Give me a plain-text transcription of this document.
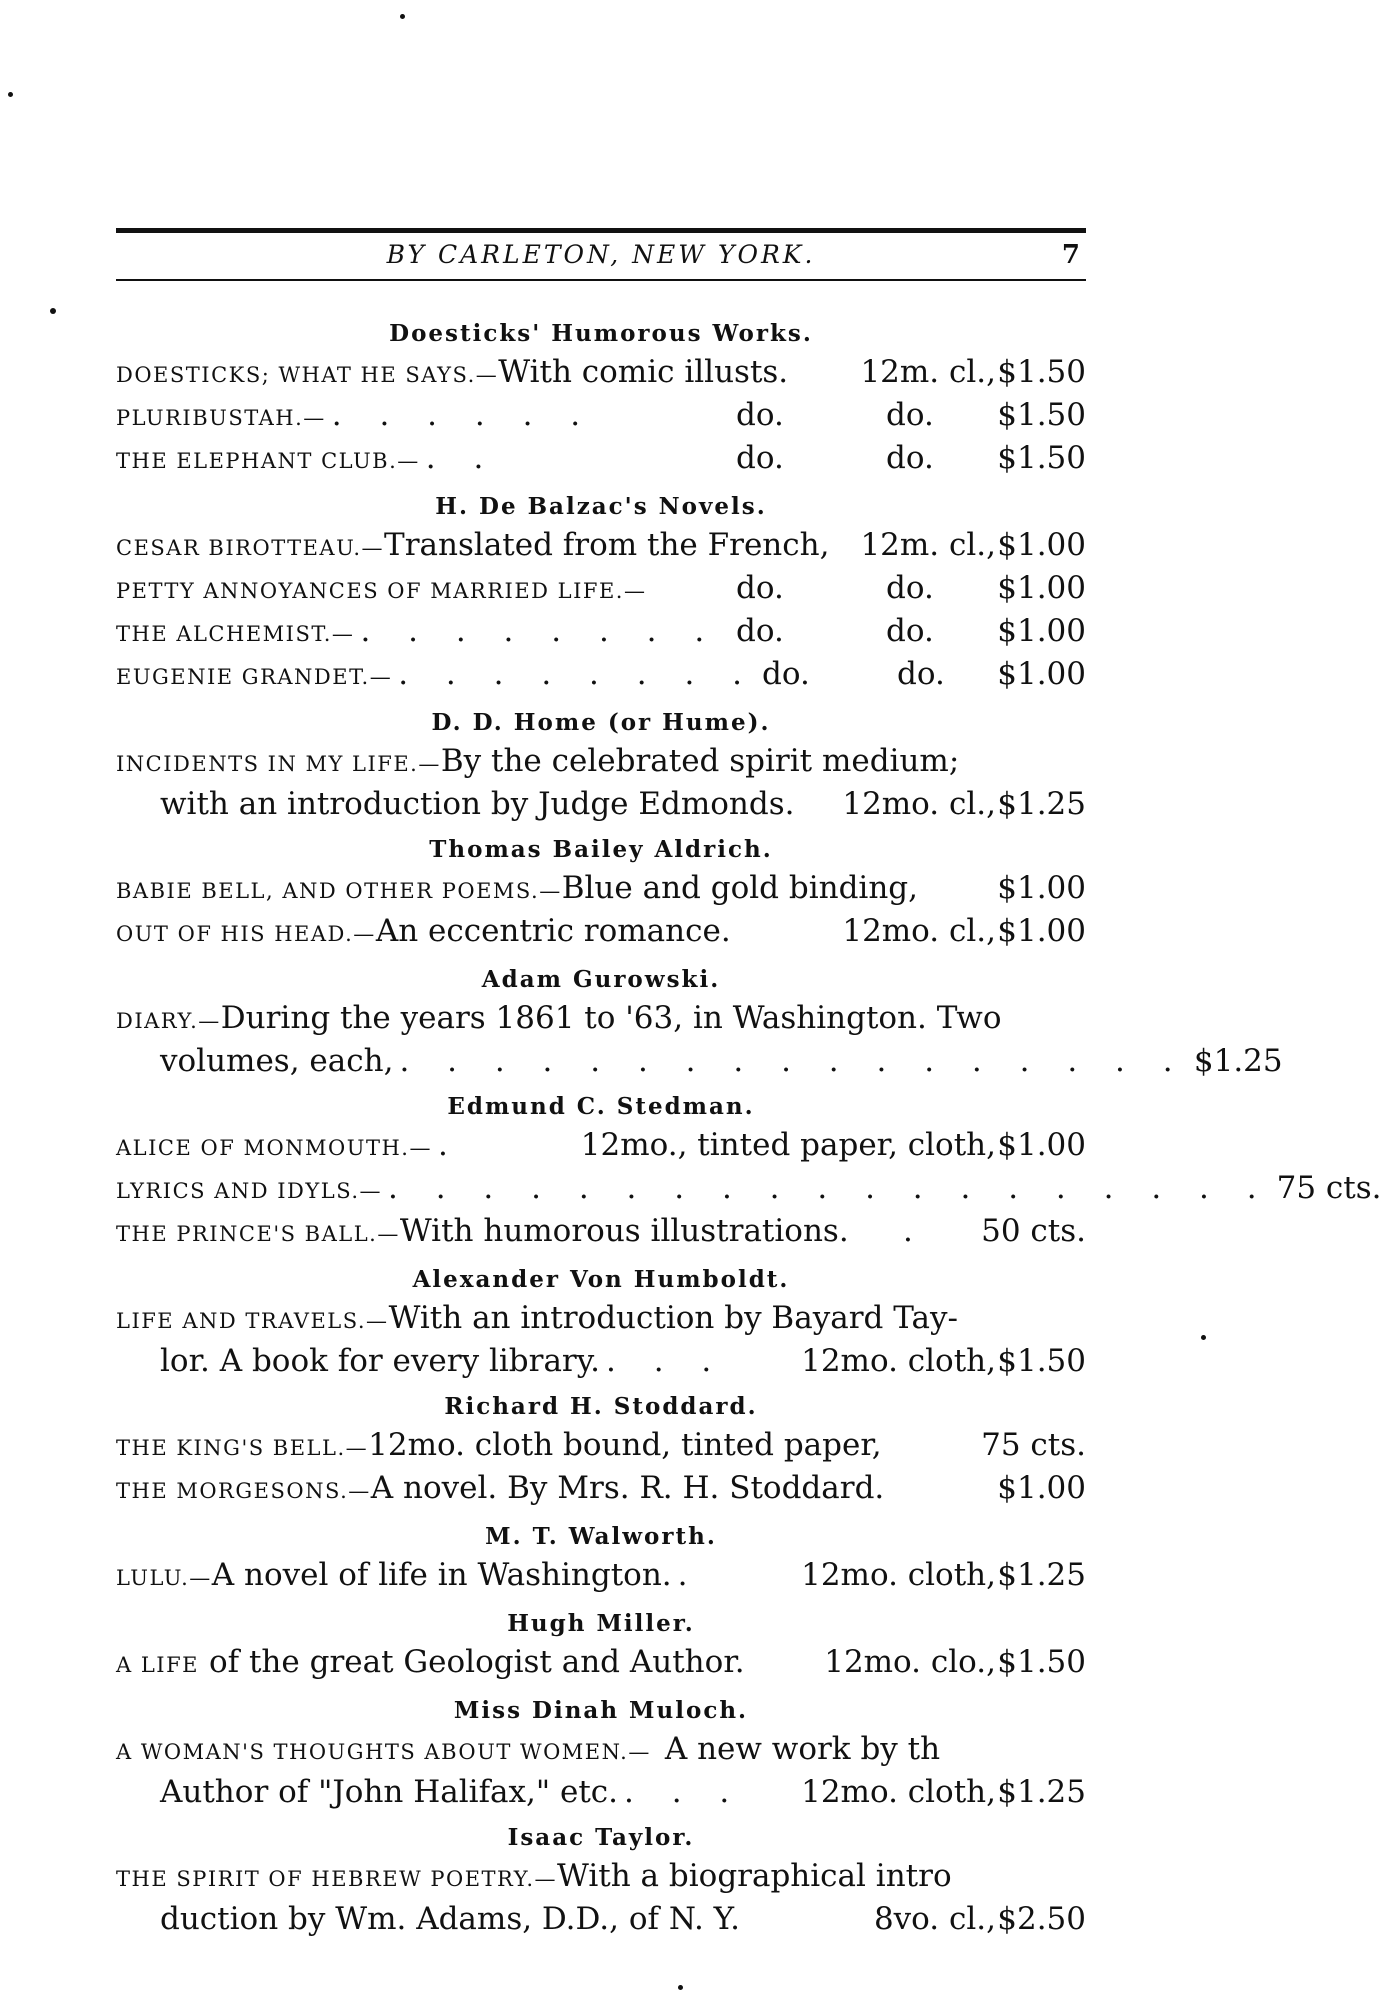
BY CARLETON, NEW YORK.	7
Doesticks' Humorous Works.
DOESTICKS; WHAT HE SAYS.— With comic illusts. 12m. cl., $1.50
PLURIBUSTAH.— . . . . . .	do.	do.	$1.50
THE ELEPHANT CLUB.— . .	do.	do.	$1.50
H. De Balzac's Novels.
CESAR BIROTTEAU.— Translated from the French, 12m. cl., $1.00
PETTY ANNOYANCES OF MARRIED LIFE.—	do.	do.	$1.00
THE ALCHEMIST.— . . . . . . . . do.	do.	$1.00
EUGENIE GRANDET.— . . . . . . . . do.	do.	$1.00
D. D. Home (or Hume).
INCIDENTS IN MY LIFE.—By the celebrated spirit medium;
with an introduction by Judge Edmonds. 12mo. cl., $1.25
Thomas Bailey Aldrich.
BABIE BELL, AND OTHER POEMS.— Blue and gold binding,	$1.00
OUT OF HIS HEAD.— An eccentric romance.	12mo. cl., $1.00
Adam Gurowski.
DIARY.— During the years 1861 to '63, in Washington. Two
volumes, each, . . . . . . . . . . . . . . . . . $1.25
Edmund C. Stedman.
ALICE OF MONMOUTH.— .	12mo., tinted paper, cloth, $1.00
LYRICS AND IDYLS.— . . . . . . . . . . . . . . . . . . . 75 cts.
THE PRINCE'S BALL.— With humorous illustrations.	.	50 cts.
Alexander Von Humboldt.
LIFE AND TRAVELS.— With an introduction by Bayard Tay-
lor. A book for every library. . . .	12mo. cloth, $1.50
Richard H. Stoddard.
THE KING'S BELL.— 12mo. cloth bound, tinted paper,	75 cts.
THE MORGESONS.— A novel. By Mrs. R. H. Stoddard.	$1.00
M. T. Walworth.
LULU.— A novel of life in Washington. .	12mo. cloth, $1.25
Hugh Miller.
A LIFE of the great Geologist and Author.	12mo. clo., $1.50
Miss Dinah Muloch.
A WOMAN'S THOUGHTS ABOUT WOMEN.— A new work by th
Author of "John Halifax," etc. . . .	12mo. cloth, $1.25
Isaac Taylor.
THE SPIRIT OF HEBREW POETRY.— With a biographical intro
duction by Wm. Adams, D.D., of N. Y.	8vo. cl., $2.50
